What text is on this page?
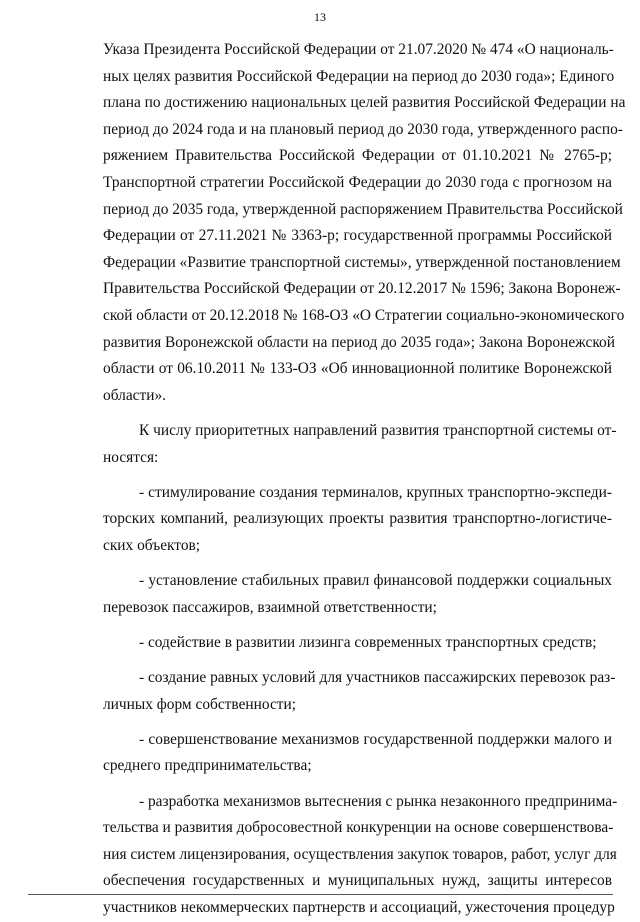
13
Указа Президента Российской Федерации от 21.07.2020 № 474 «О националь-
ных целях развития Российской Федерации на период до 2030 года»; Единого
плана по достижению национальных целей развития Российской Федерации на
период до 2024 года и на плановый период до 2030 года, утвержденного распо-
ряжением Правительства Российской Федерации от 01.10.2021 № 2765-р;
Транспортной стратегии Российской Федерации до 2030 года с прогнозом на
период до 2035 года, утвержденной распоряжением Правительства Российской
Федерации от 27.11.2021 № 3363-р; государственной программы Российской
Федерации «Развитие транспортной системы», утвержденной постановлением
Правительства Российской Федерации от 20.12.2017 № 1596; Закона Воронеж-
ской области от 20.12.2018 № 168-ОЗ «О Стратегии социально-экономического
развития Воронежской области на период до 2035 года»; Закона Воронежской
области от 06.10.2011 № 133-ОЗ «Об инновационной политике Воронежской
области».
К числу приоритетных направлений развития транспортной системы от-
носятся:
- стимулирование создания терминалов, крупных транспортно-экспеди-
торских компаний, реализующих проекты развития транспортно-логистиче-
ских объектов;
- установление стабильных правил финансовой поддержки социальных
перевозок пассажиров, взаимной ответственности;
- содействие в развитии лизинга современных транспортных средств;
- создание равных условий для участников пассажирских перевозок раз-
личных форм собственности;
- совершенствование механизмов государственной поддержки малого и
среднего предпринимательства;
- разработка механизмов вытеснения с рынка незаконного предпринима-
тельства и развития добросовестной конкуренции на основе совершенствова-
ния систем лицензирования, осуществления закупок товаров, работ, услуг для
обеспечения государственных и муниципальных нужд, защиты интересов
участников некоммерческих партнерств и ассоциаций, ужесточения процедур
